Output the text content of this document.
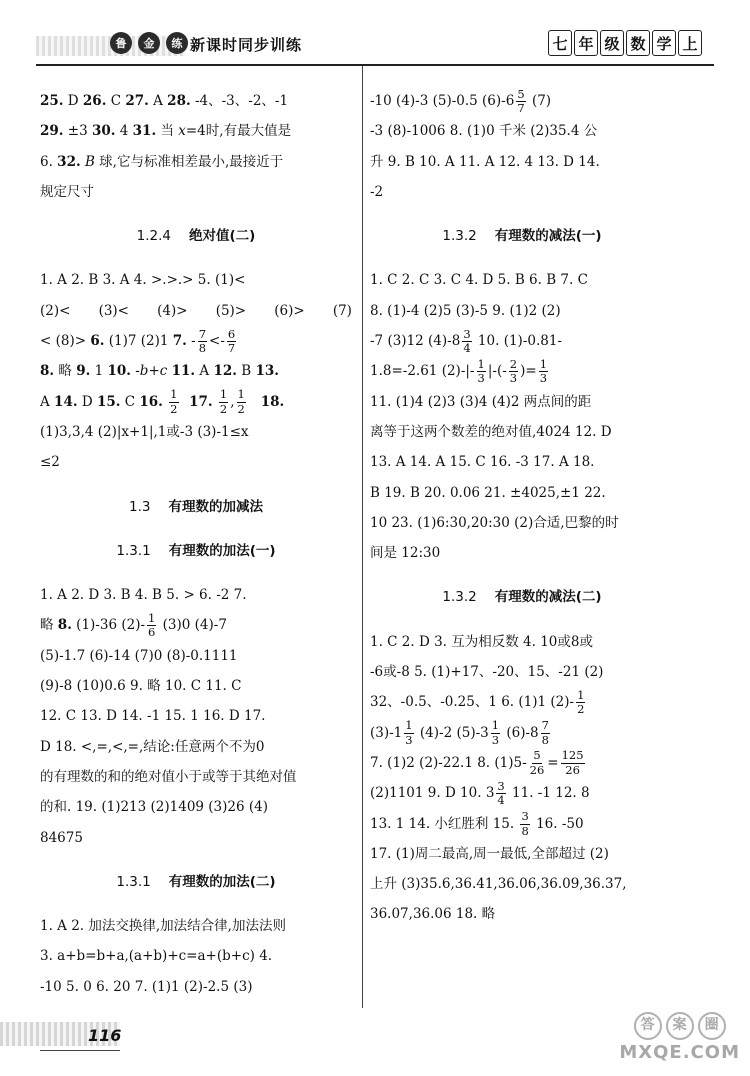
鲁	金	练 新课时同步训练	七 年 级 数 学 上
25. D 26. C 27. A 28. -4、-3、-2、-1
29. ±3 30. 4 31. 当 x=4时,有最大值是
6. 32. B 球,它与标准相差最小,最接近于
规定尺寸
1.2.4 绝对值(二)
1. A 2. B 3. A 4. >.>.> 5. (1)<
(2)< (3)< (4)> (5)> (6)> (7)
< (8)> 6. (1)7 (2)1 7. - $\frac{7}{8} <- \frac{6}{7}$
8. 略 9. 1 10. -b+c 11. A 12. B 13.
A 14. D 15. C 16. $\frac{1}{2} 17$. $\frac{1}{2}$ , $\frac{1}{2} 18$.
(1)3,3,4 (2)|x+1|,1或-3 (3)-1≤x
≤2
1.3 有理数的加减法
1.3.1 有理数的加法(一)
1. A 2. D 3. B 4. B 5. > 6. -2 7.
略 8. (1)-36 $(2)- \frac{1}{6} (3)0$ (4)-7
(5)-1.7 (6)-14 (7)0 (8)-0.1111
(9)-8 (10)0.6 9. 略 10. C 11. C
12. C 13. D 14. -1 15. 1 16. D 17.
D 18. <,=,<,=,结论:任意两个不为0
的有理数的和的绝对值小于或等于其绝对值
的和. 19. (1)213 (2)1409 (3)26 (4)
84675
1.3.1 有理数的加法(二)
1. A 2. 加法交换律,加法结合律,加法法则
3. a+b=b+a,(a+b)+c=a+(b+c) 4.
-10 5. 0 6. 20 7. (1)1 (2)-2.5 (3)
-10 (4)-3 (5)-0.5 $(6)-6 \frac{5}{7} (7)$
-3 (8)-1006 8. (1)0 千米 (2)35.4 公
升 9. B 10. A 11. A 12. 4 13. D 14.
-2
1.3.2 有理数的减法(一)
1. C 2. C 3. C 4. D 5. B 6. B 7. C
8. (1)-4 (2)5 (3)-5 9. (1)2 (2)
-7 (3)12 $(4)-8 \frac{3}{4} 10$. (1)-0.81-
1.8=-2.61 $(2)-|- \frac{1}{3}$ |-(- $\frac{2}{3}$ )= $\frac{1}{3}$
11. (1)4 (2)3 (3)4 (4)2 两点间的距
离等于这两个数差的绝对值,4024 12. D
13. A 14. A 15. C 16. -3 17. A 18.
B 19. B 20. 0.06 21. ±4025,±1 22.
10 23. (1)6:30,20:30 (2)合适,巴黎的时
间是 12:30
1.3.2 有理数的减法(二)
1. C 2. D 3. 互为相反数 4. 10或8或
-6或-8 5. (1)+17、-20、15、-21 (2)
32、-0.5、-0.25、1 6. (1)1 $(2)- \frac{1}{2}$
$(3)-1 \frac{1}{3} (4)-2$ $(5)-3 \frac{1}{3} (6)-8 \frac{7}{8}$
7. (1)2 (2)-22.1 8. $(1)5- \frac{5}{26} = \frac{125}{26}$
(2)1101 9. D 10. $3 \frac{3}{4} 11$. -1 12. 8
13. 1 14. 小红胜利 15. $\frac{3}{8} 16$. -50
17. (1)周二最高,周一最低,全部超过 (2)
上升 (3)35.6,36.41,36.06,36.09,36.37,
36.07,36.06 18. 略
116
答	案	圈
MXQE.COM
